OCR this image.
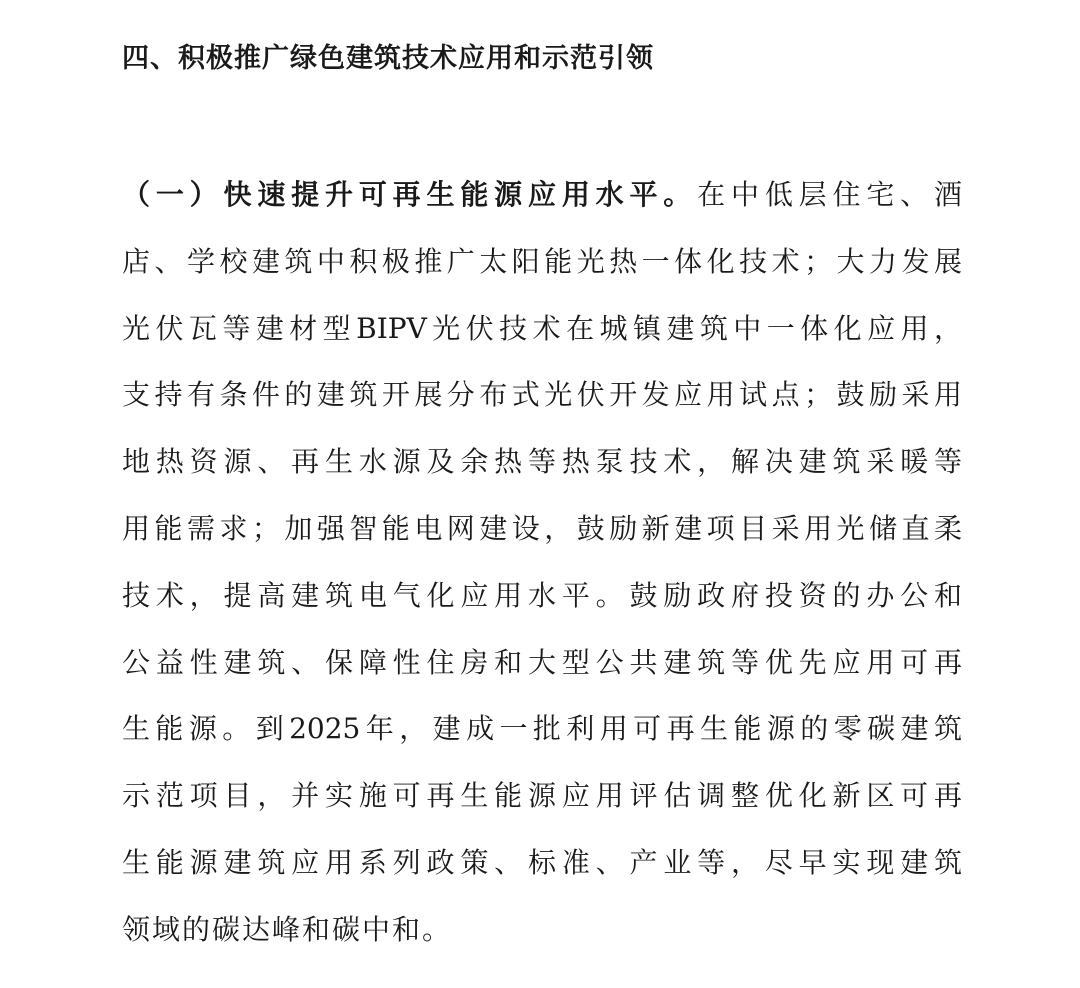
四、积极推广绿色建筑技术应用和示范引领
（一）快速提升可再生能源应用水平。在中低层住宅、酒
店、学校建筑中积极推广太阳能光热一体化技术；大力发展
光伏瓦等建材型BIPV光伏技术在城镇建筑中一体化应用，
支持有条件的建筑开展分布式光伏开发应用试点；鼓励采用
地热资源、再生水源及余热等热泵技术，解决建筑采暖等
用能需求；加强智能电网建设，鼓励新建项目采用光储直柔
技术，提高建筑电气化应用水平。鼓励政府投资的办公和
公益性建筑、保障性住房和大型公共建筑等优先应用可再
生能源。到2025年，建成一批利用可再生能源的零碳建筑
示范项目，并实施可再生能源应用评估调整优化新区可再
生能源建筑应用系列政策、标准、产业等，尽早实现建筑
领域的碳达峰和碳中和。
